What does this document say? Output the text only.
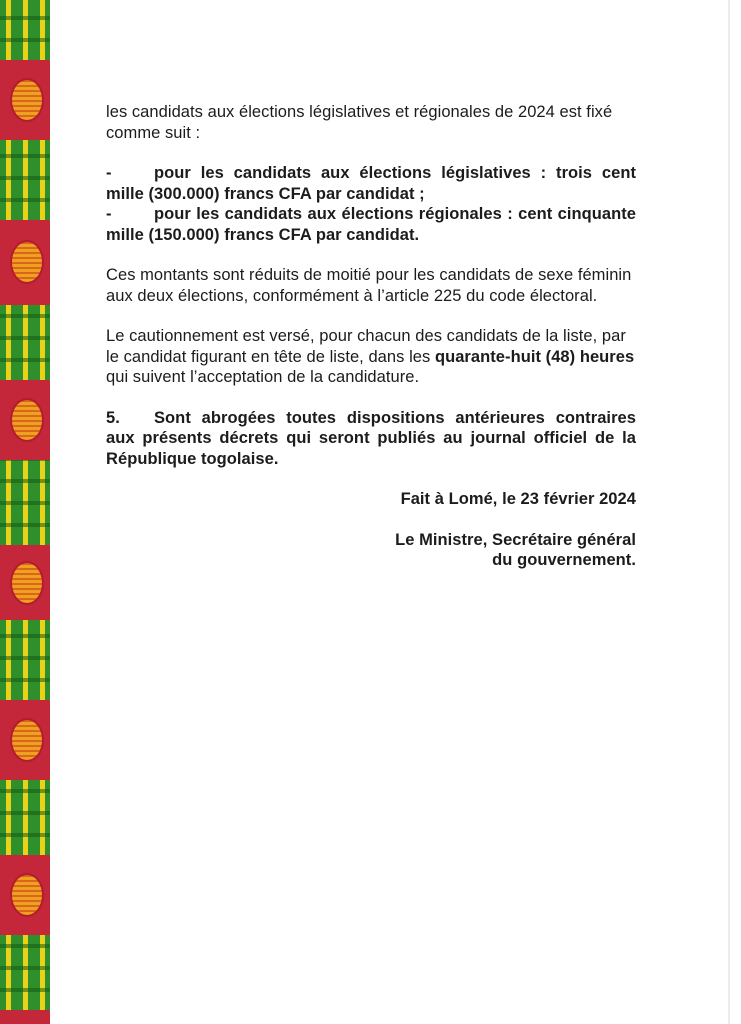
les candidats aux élections législatives et régionales de 2024 est fixé comme suit :

-	pour les candidats aux élections législatives : trois cent mille (300.000) francs CFA par candidat ;

-	pour les candidats aux élections régionales : cent cinquante mille (150.000) francs CFA par candidat.

Ces montants sont réduits de moitié pour les candidats de sexe féminin aux deux élections, conformément à l’article 225 du code électoral.

Le cautionnement est versé, pour chacun des candidats de la liste, par le candidat figurant en tête de liste, dans les quarante-huit (48) heures qui suivent l’acceptation de la candidature.

5. Sont abrogées toutes dispositions antérieures contraires aux présents décrets qui seront publiés au journal officiel de la République togolaise.

Fait à Lomé, le 23 février 2024

Le Ministre, Secrétaire général

du gouvernement.
